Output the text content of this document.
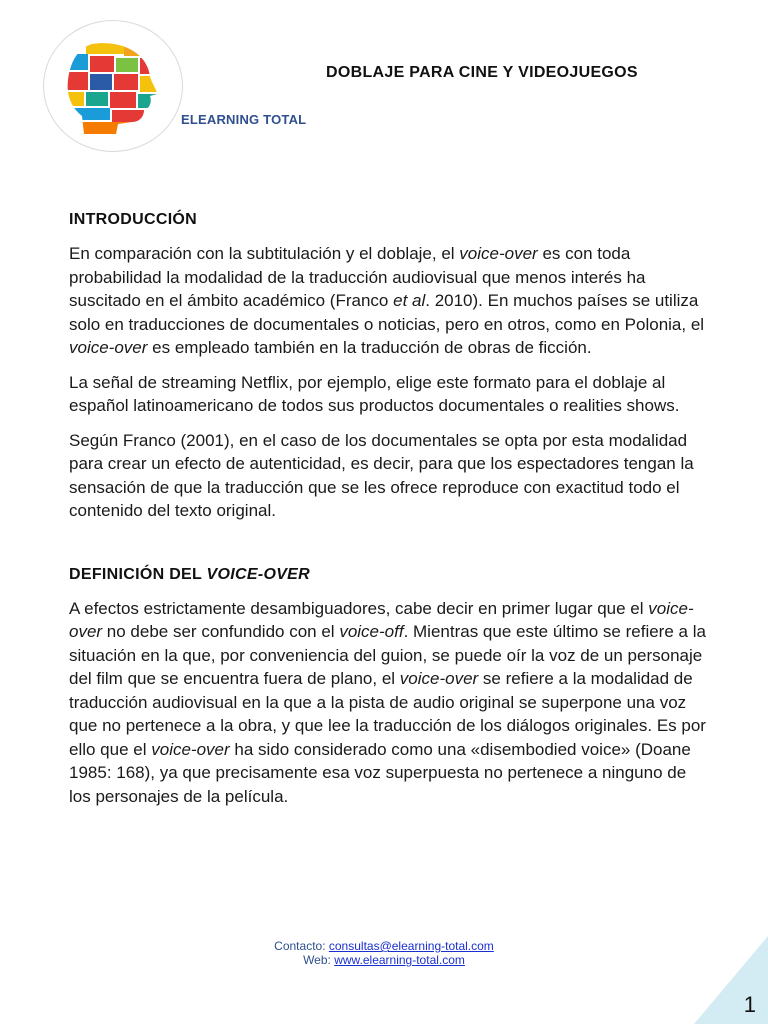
ELEARNING TOTAL
DOBLAJE PARA CINE Y VIDEOJUEGOS
INTRODUCCIÓN

En comparación con la subtitulación y el doblaje, el voice-over es con toda probabilidad la modalidad de la traducción audiovisual que menos interés ha suscitado en el ámbito académico (Franco et al. 2010). En muchos países se utiliza solo en traducciones de documentales o noticias, pero en otros, como en Polonia, el voice-over es empleado también en la traducción de obras de ficción.

La señal de streaming Netflix, por ejemplo, elige este formato para el doblaje al español latinoamericano de todos sus productos documentales o realities shows.

Según Franco (2001), en el caso de los documentales se opta por esta modalidad para crear un efecto de autenticidad, es decir, para que los espectadores tengan la sensación de que la traducción que se les ofrece reproduce con exactitud todo el contenido del texto original.

DEFINICIÓN DEL VOICE-OVER

A efectos estrictamente desambiguadores, cabe decir en primer lugar que el voice-over no debe ser confundido con el voice-off. Mientras que este último se refiere a la situación en la que, por conveniencia del guion, se puede oír la voz de un personaje del film que se encuentra fuera de plano, el voice-over se refiere a la modalidad de traducción audiovisual en la que a la pista de audio original se superpone una voz que no pertenece a la obra, y que lee la traducción de los diálogos originales. Es por ello que el voice-over ha sido considerado como una «disembodied voice» (Doane 1985: 168), ya que precisamente esa voz superpuesta no pertenece a ninguno de los personajes de la película.

Contacto: consultas@elearning-total.com
Web: www.elearning-total.com
1
